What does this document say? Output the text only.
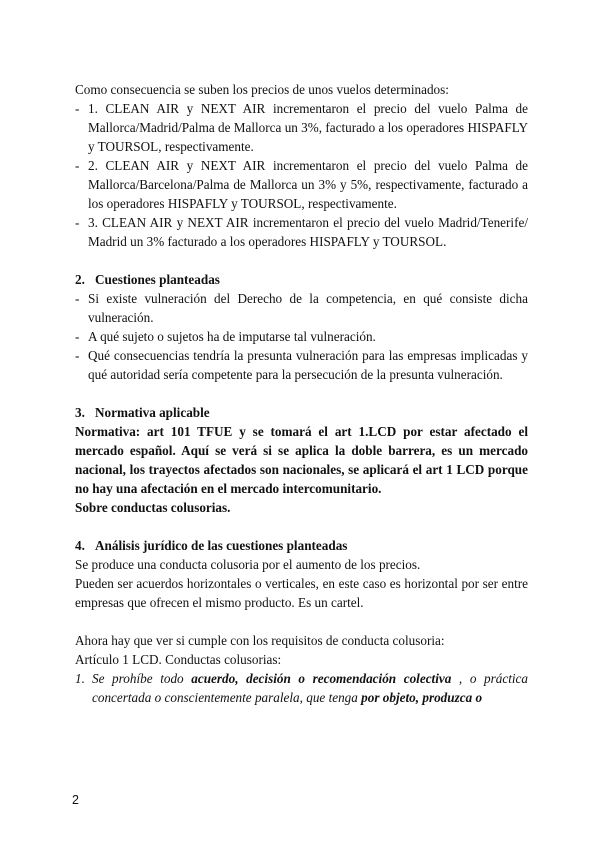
Como consecuencia se suben los precios de unos vuelos determinados:

- 1. CLEAN AIR y NEXT AIR incrementaron el precio del vuelo Palma de Mallorca/Madrid/Palma de Mallorca un 3%, facturado a los operadores HISPAFLY y TOURSOL, respectivamente.
- 2. CLEAN AIR y NEXT AIR incrementaron el precio del vuelo Palma de Mallorca/Barcelona/Palma de Mallorca un 3% y 5%, respectivamente, facturado a los operadores HISPAFLY y TOURSOL, respectivamente.
- 3. CLEAN AIR y NEXT AIR incrementaron el precio del vuelo Madrid/Tenerife/ Madrid un 3% facturado a los operadores HISPAFLY y TOURSOL.

2. Cuestiones planteadas

- Si existe vulneración del Derecho de la competencia, en qué consiste dicha vulneración.
- A qué sujeto o sujetos ha de imputarse tal vulneración.
- Qué consecuencias tendría la presunta vulneración para las empresas implicadas y qué autoridad sería competente para la persecución de la presunta vulneración.

3. Normativa aplicable

Normativa: art 101 TFUE y se tomará el art 1.LCD por estar afectado el mercado español. Aquí se verá si se aplica la doble barrera, es un mercado nacional, los trayectos afectados son nacionales, se aplicará el art 1 LCD porque no hay una afectación en el mercado intercomunitario.

Sobre conductas colusorias.

4. Análisis jurídico de las cuestiones planteadas

Se produce una conducta colusoria por el aumento de los precios.

Pueden ser acuerdos horizontales o verticales, en este caso es horizontal por ser entre empresas que ofrecen el mismo producto. Es un cartel.

Ahora hay que ver si cumple con los requisitos de conducta colusoria:

Artículo 1 LCD. Conductas colusorias:

1. Se prohíbe todo acuerdo, decisión o recomendación colectiva , o práctica concertada o conscientemente paralela, que tenga por objeto, produzca o
2
